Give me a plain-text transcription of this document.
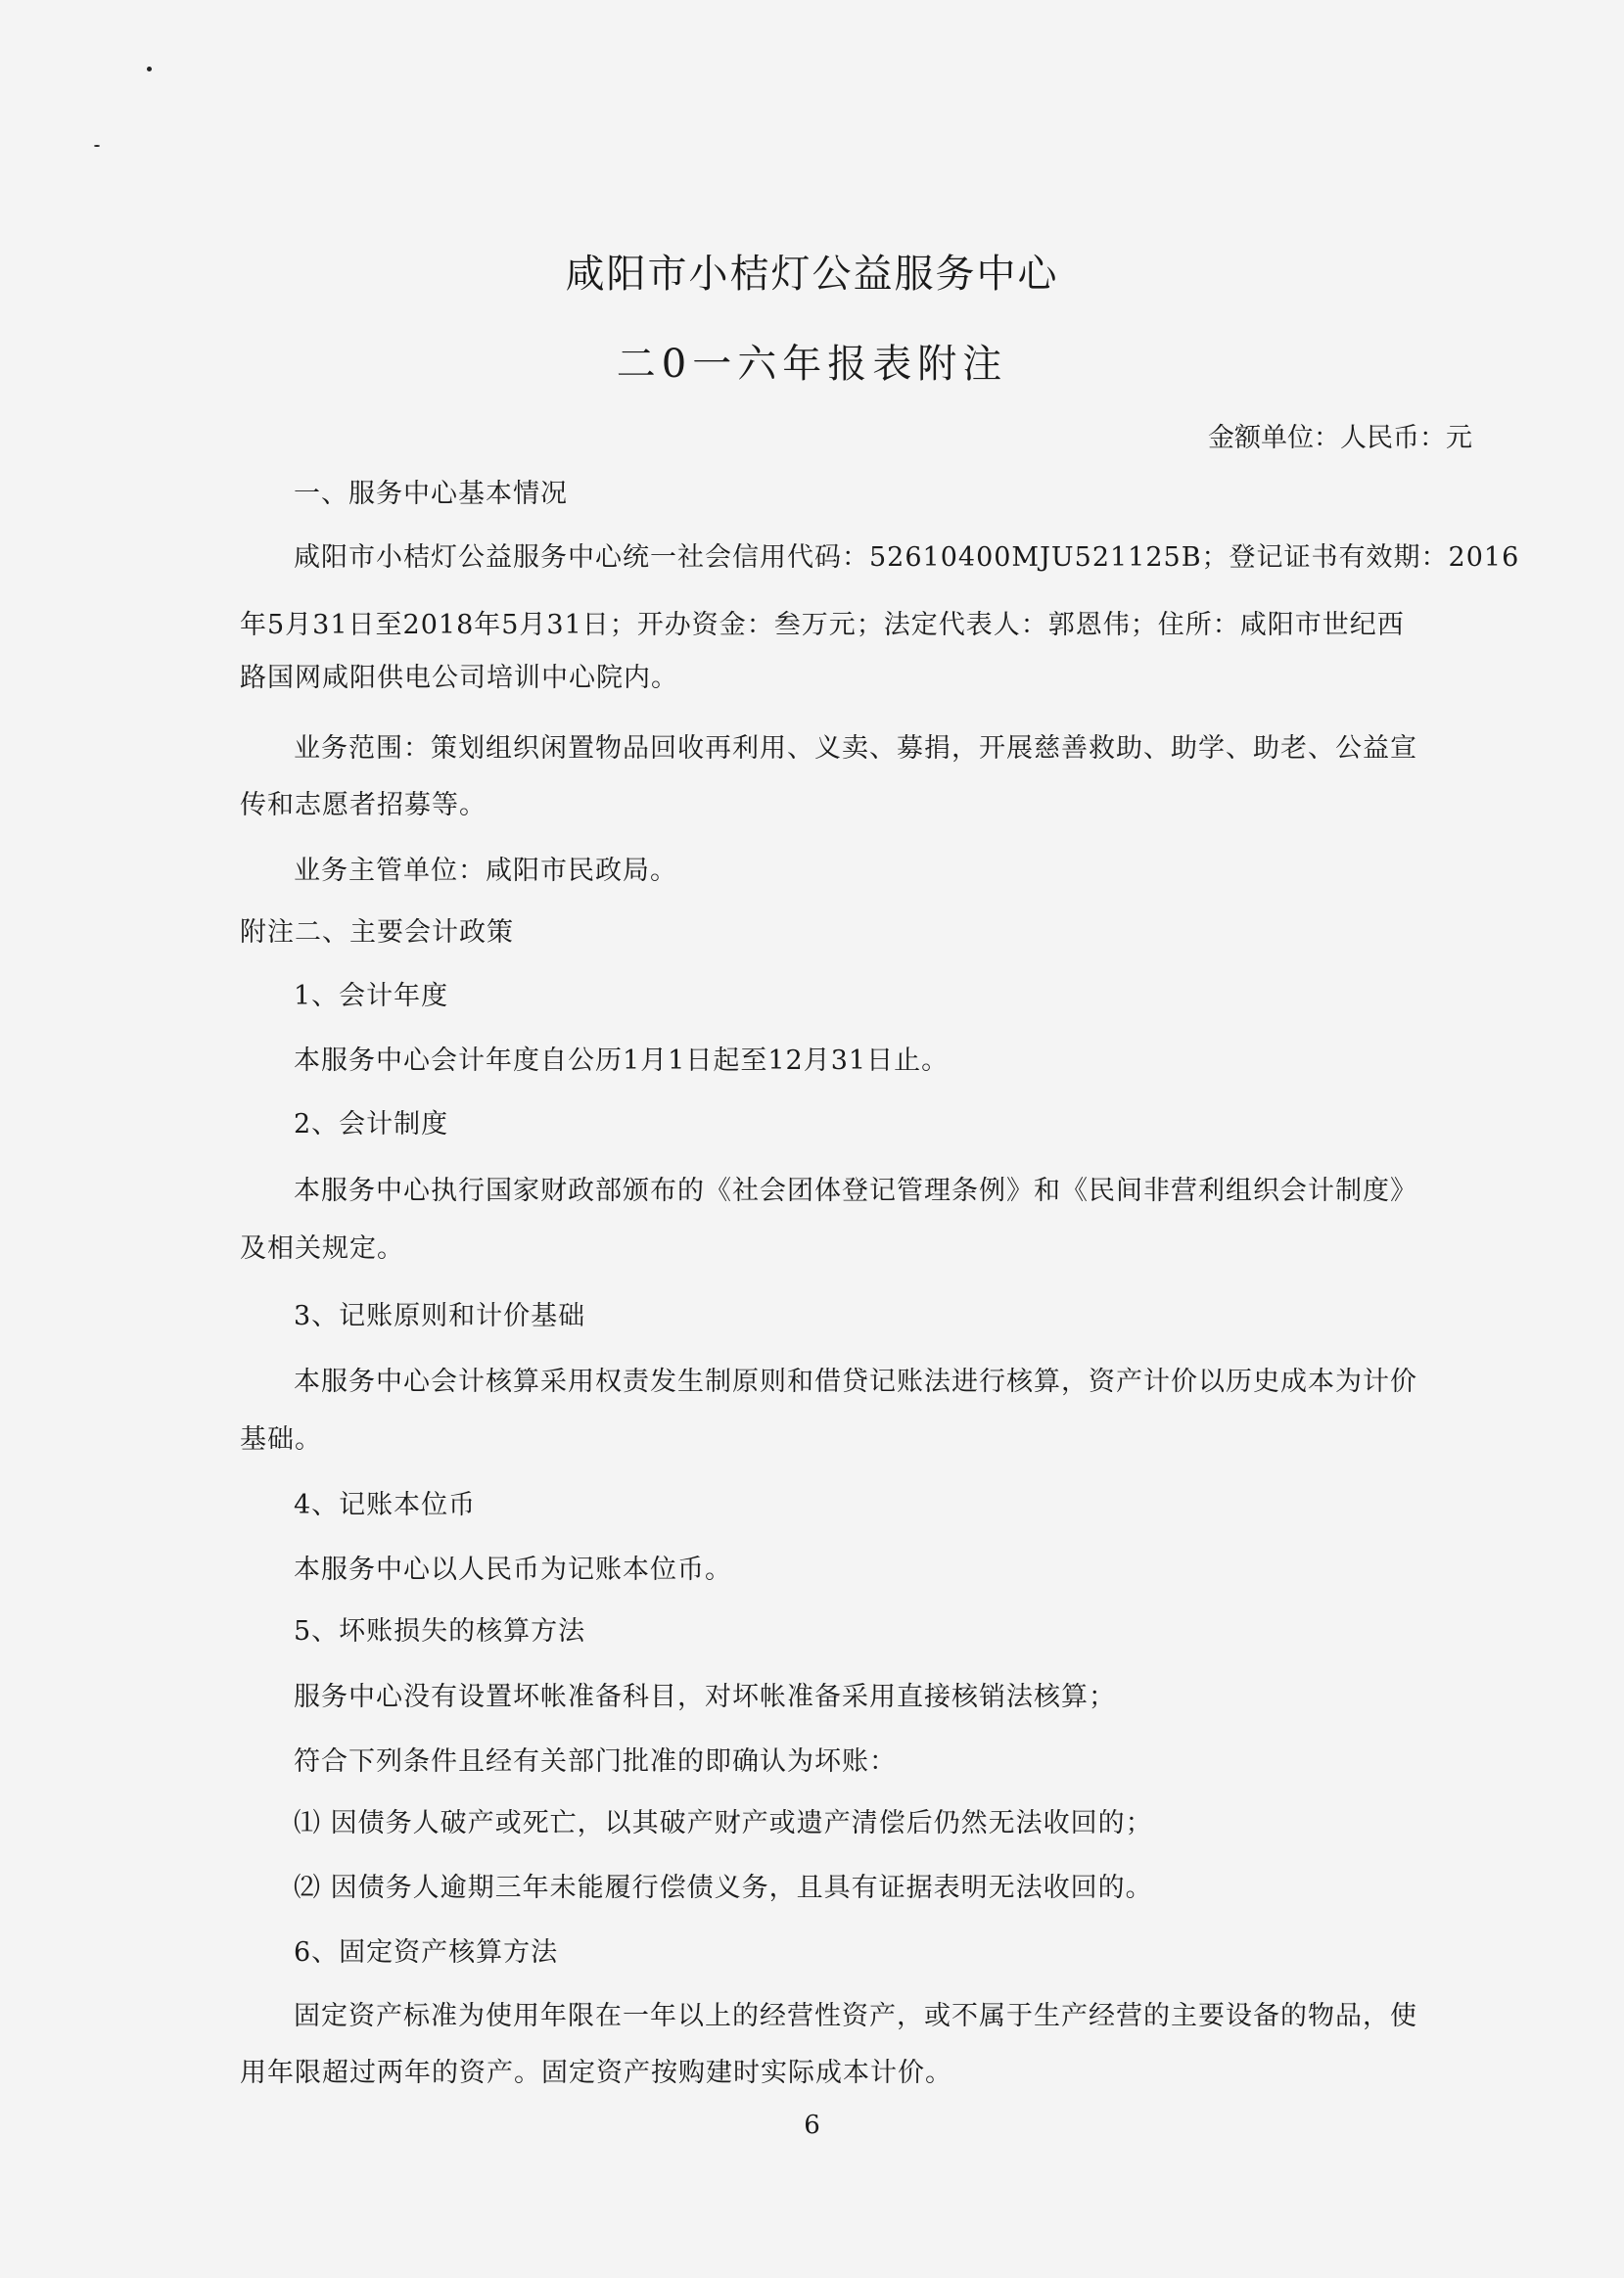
咸阳市小桔灯公益服务中心
二0一六年报表附注
金额单位：人民币：元
一、服务中心基本情况
咸阳市小桔灯公益服务中心统一社会信用代码：52610400MJU521125B；登记证书有效期：2016
年5月31日至2018年5月31日；开办资金：叁万元；法定代表人：郭恩伟；住所：咸阳市世纪西
路国网咸阳供电公司培训中心院内。
业务范围：策划组织闲置物品回收再利用、义卖、募捐，开展慈善救助、助学、助老、公益宣
传和志愿者招募等。
业务主管单位：咸阳市民政局。
附注二、主要会计政策
1、会计年度
本服务中心会计年度自公历1月1日起至12月31日止。
2、会计制度
本服务中心执行国家财政部颁布的《社会团体登记管理条例》和《民间非营利组织会计制度》
及相关规定。
3、记账原则和计价基础
本服务中心会计核算采用权责发生制原则和借贷记账法进行核算，资产计价以历史成本为计价
基础。
4、记账本位币
本服务中心以人民币为记账本位币。
5、坏账损失的核算方法
服务中心没有设置坏帐准备科目，对坏帐准备采用直接核销法核算；
符合下列条件且经有关部门批准的即确认为坏账：
⑴ 因债务人破产或死亡，以其破产财产或遗产清偿后仍然无法收回的；
⑵ 因债务人逾期三年未能履行偿债义务，且具有证据表明无法收回的。
6、固定资产核算方法
固定资产标准为使用年限在一年以上的经营性资产，或不属于生产经营的主要设备的物品，使
用年限超过两年的资产。固定资产按购建时实际成本计价。
6
